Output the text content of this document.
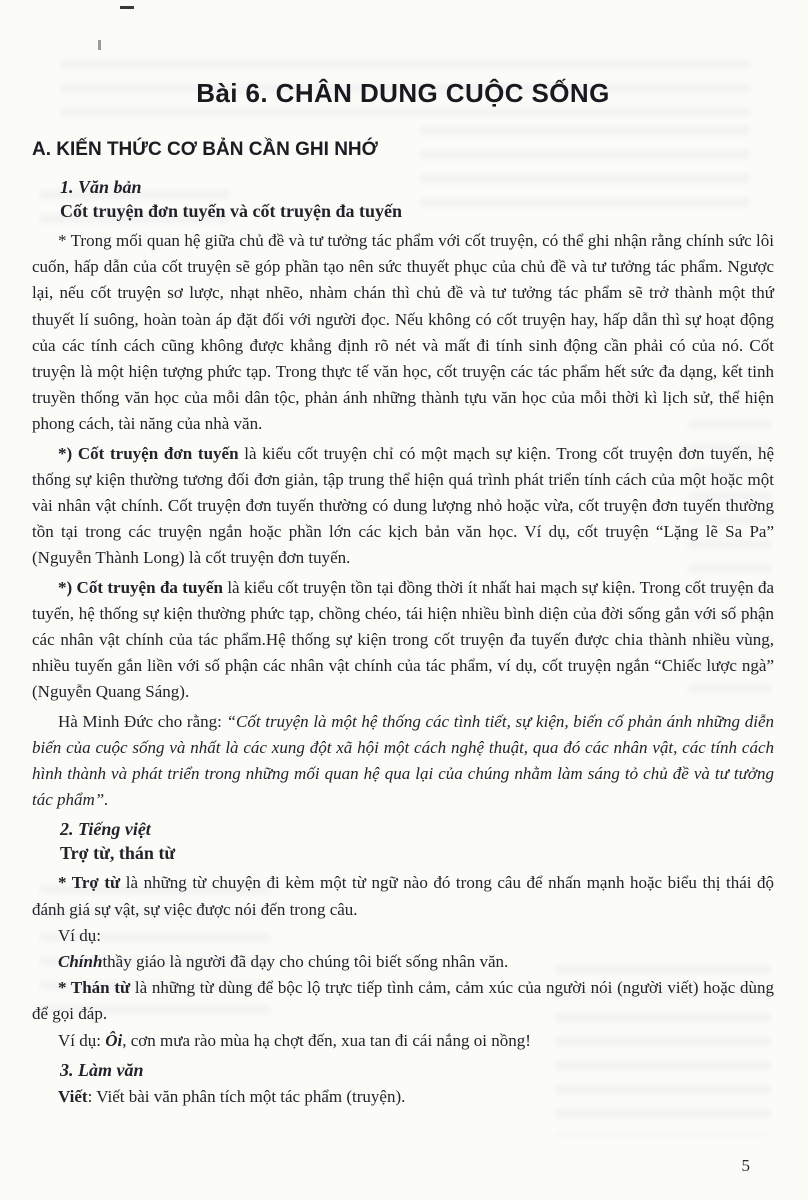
Bài 6. CHÂN DUNG CUỘC SỐNG
A. KIẾN THỨC CƠ BẢN CẦN GHI NHỚ
1. Văn bản
Cốt truyện đơn tuyến và cốt truyện đa tuyến

* Trong mối quan hệ giữa chủ đề và tư tưởng tác phẩm với cốt truyện, có thể ghi nhận rằng chính sức lôi cuốn, hấp dẫn của cốt truyện sẽ góp phần tạo nên sức thuyết phục của chủ đề và tư tưởng tác phẩm. Ngược lại, nếu cốt truyện sơ lược, nhạt nhẽo, nhàm chán thì chủ đề và tư tưởng tác phẩm sẽ trở thành một thứ thuyết lí suông, hoàn toàn áp đặt đối với người đọc. Nếu không có cốt truyện hay, hấp dẫn thì sự hoạt động của các tính cách cũng không được khẳng định rõ nét và mất đi tính sinh động cần phải có của nó. Cốt truyện là một hiện tượng phức tạp. Trong thực tế văn học, cốt truyện các tác phẩm hết sức đa dạng, kết tinh truyền thống văn học của mỗi dân tộc, phản ánh những thành tựu văn học của mỗi thời kì lịch sử, thể hiện phong cách, tài năng của nhà văn.

*) Cốt truyện đơn tuyến là kiểu cốt truyện chỉ có một mạch sự kiện. Trong cốt truyện đơn tuyến, hệ thống sự kiện thường tương đối đơn giản, tập trung thể hiện quá trình phát triển tính cách của một hoặc một vài nhân vật chính. Cốt truyện đơn tuyến thường có dung lượng nhỏ hoặc vừa, cốt truyện đơn tuyến thường tồn tại trong các truyện ngắn hoặc phần lớn các kịch bản văn học. Ví dụ, cốt truyện “Lặng lẽ Sa Pa” (Nguyễn Thành Long) là cốt truyện đơn tuyến.

*) Cốt truyện đa tuyến là kiểu cốt truyện tồn tại đồng thời ít nhất hai mạch sự kiện. Trong cốt truyện đa tuyến, hệ thống sự kiện thường phức tạp, chồng chéo, tái hiện nhiều bình diện của đời sống gắn với số phận các nhân vật chính của tác phẩm.Hệ thống sự kiện trong cốt truyện đa tuyến được chia thành nhiều vùng, nhiều tuyến gắn liền với số phận các nhân vật chính của tác phẩm, ví dụ, cốt truyện ngắn “Chiếc lược ngà” (Nguyễn Quang Sáng).

Hà Minh Đức cho rằng: “Cốt truyện là một hệ thống các tình tiết, sự kiện, biến cố phản ánh những diễn biến của cuộc sống và nhất là các xung đột xã hội một cách nghệ thuật, qua đó các nhân vật, các tính cách hình thành và phát triển trong những mối quan hệ qua lại của chúng nhằm làm sáng tỏ chủ đề và tư tưởng tác phẩm”.

2. Tiếng việt
Trợ từ, thán từ

* Trợ từ là những từ chuyện đi kèm một từ ngữ nào đó trong câu để nhấn mạnh hoặc biểu thị thái độ đánh giá sự vật, sự việc được nói đến trong câu.

Ví dụ:

Chínhthầy giáo là người đã dạy cho chúng tôi biết sống nhân văn.

* Thán từ là những từ dùng để bộc lộ trực tiếp tình cảm, cảm xúc của người nói (người viết) hoặc dùng để gọi đáp.

Ví dụ: Ôi, cơn mưa rào mùa hạ chợt đến, xua tan đi cái nắng oi nồng!

3. Làm văn

Viết: Viết bài văn phân tích một tác phẩm (truyện).

5
